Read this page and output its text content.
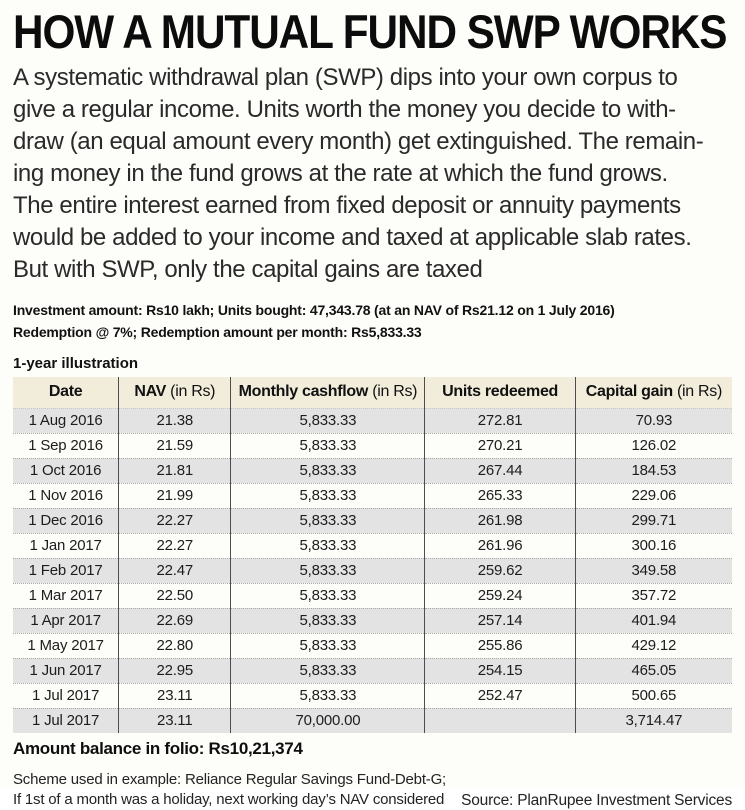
HOW A MUTUAL FUND SWP WORKS
A systematic withdrawal plan (SWP) dips into your own corpus to
give a regular income. Units worth the money you decide to with-
draw (an equal amount every month) get extinguished. The remain-
ing money in the fund grows at the rate at which the fund grows.
The entire interest earned from fixed deposit or annuity payments
would be added to your income and taxed at applicable slab rates.
But with SWP, only the capital gains are taxed
Investment amount: Rs10 lakh; Units bought: 47,343.78 (at an NAV of Rs21.12 on 1 July 2016)
Redemption @ 7%; Redemption amount per month: Rs5,833.33
1-year illustration
Date	NAV (in Rs)	Monthly cashflow (in Rs)	Units redeemed	Capital gain (in Rs)
1 Aug 2016	21.38	5,833.33	272.81	70.93
1 Sep 2016	21.59	5,833.33	270.21	126.02
1 Oct 2016	21.81	5,833.33	267.44	184.53
1 Nov 2016	21.99	5,833.33	265.33	229.06
1 Dec 2016	22.27	5,833.33	261.98	299.71
1 Jan 2017	22.27	5,833.33	261.96	300.16
1 Feb 2017	22.47	5,833.33	259.62	349.58
1 Mar 2017	22.50	5,833.33	259.24	357.72
1 Apr 2017	22.69	5,833.33	257.14	401.94
1 May 2017	22.80	5,833.33	255.86	429.12
1 Jun 2017	22.95	5,833.33	254.15	465.05
1 Jul 2017	23.11	5,833.33	252.47	500.65
1 Jul 2017	23.11	70,000.00		3,714.47
Amount balance in folio: Rs10,21,374
Scheme used in example: Reliance Regular Savings Fund-Debt-G;
If 1st of a month was a holiday, next working day’s NAV considered Source: PlanRupee Investment Services
